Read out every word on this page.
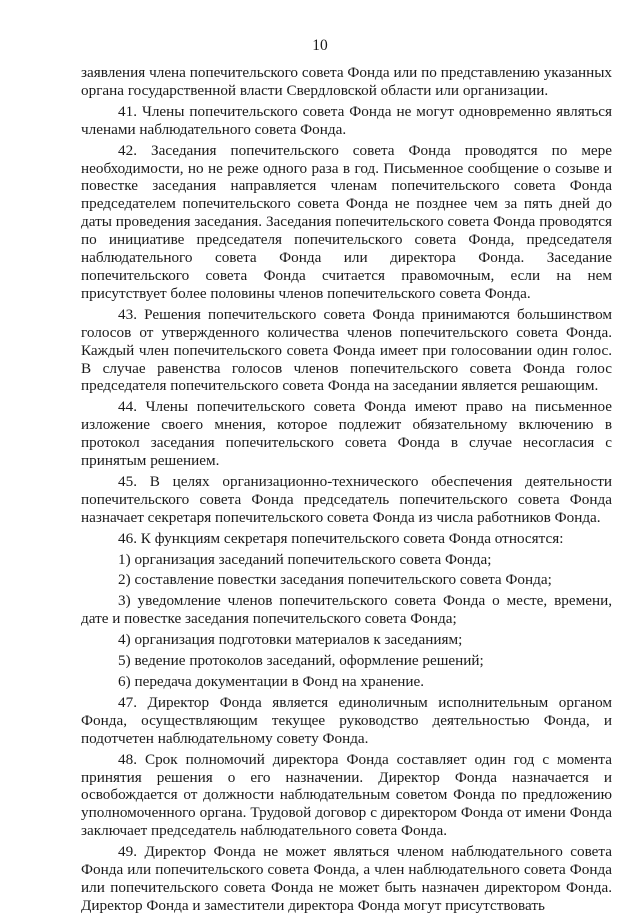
10

заявления члена попечительского совета Фонда или по представлению указанных органа государственной власти Свердловской области или организации.

41. Члены попечительского совета Фонда не могут одновременно являться членами наблюдательного совета Фонда.

42. Заседания попечительского совета Фонда проводятся по мере необходимости, но не реже одного раза в год. Письменное сообщение о созыве и повестке заседания направляется членам попечительского совета Фонда председателем попечительского совета Фонда не позднее чем за пять дней до даты проведения заседания. Заседания попечительского совета Фонда проводятся по инициативе председателя попечительского совета Фонда, председателя наблюдательного совета Фонда или директора Фонда. Заседание попечительского совета Фонда считается правомочным, если на нем присутствует более половины членов попечительского совета Фонда.

43. Решения попечительского совета Фонда принимаются большинством голосов от утвержденного количества членов попечительского совета Фонда. Каждый член попечительского совета Фонда имеет при голосовании один голос. В случае равенства голосов членов попечительского совета Фонда голос председателя попечительского совета Фонда на заседании является решающим.

44. Члены попечительского совета Фонда имеют право на письменное изложение своего мнения, которое подлежит обязательному включению в протокол заседания попечительского совета Фонда в случае несогласия с принятым решением.

45. В целях организационно-технического обеспечения деятельности попечительского совета Фонда председатель попечительского совета Фонда назначает секретаря попечительского совета Фонда из числа работников Фонда.

46. К функциям секретаря попечительского совета Фонда относятся:

1) организация заседаний попечительского совета Фонда;

2) составление повестки заседания попечительского совета Фонда;

3) уведомление членов попечительского совета Фонда о месте, времени, дате и повестке заседания попечительского совета Фонда;

4) организация подготовки материалов к заседаниям;

5) ведение протоколов заседаний, оформление решений;

6) передача документации в Фонд на хранение.

47. Директор Фонда является единоличным исполнительным органом Фонда, осуществляющим текущее руководство деятельностью Фонда, и подотчетен наблюдательному совету Фонда.

48. Срок полномочий директора Фонда составляет один год с момента принятия решения о его назначении. Директор Фонда назначается и освобождается от должности наблюдательным советом Фонда по предложению уполномоченного органа. Трудовой договор с директором Фонда от имени Фонда заключает председатель наблюдательного совета Фонда.

49. Директор Фонда не может являться членом наблюдательного совета Фонда или попечительского совета Фонда, а член наблюдательного совета Фонда или попечительского совета Фонда не может быть назначен директором Фонда. Директор Фонда и заместители директора Фонда могут присутствовать
